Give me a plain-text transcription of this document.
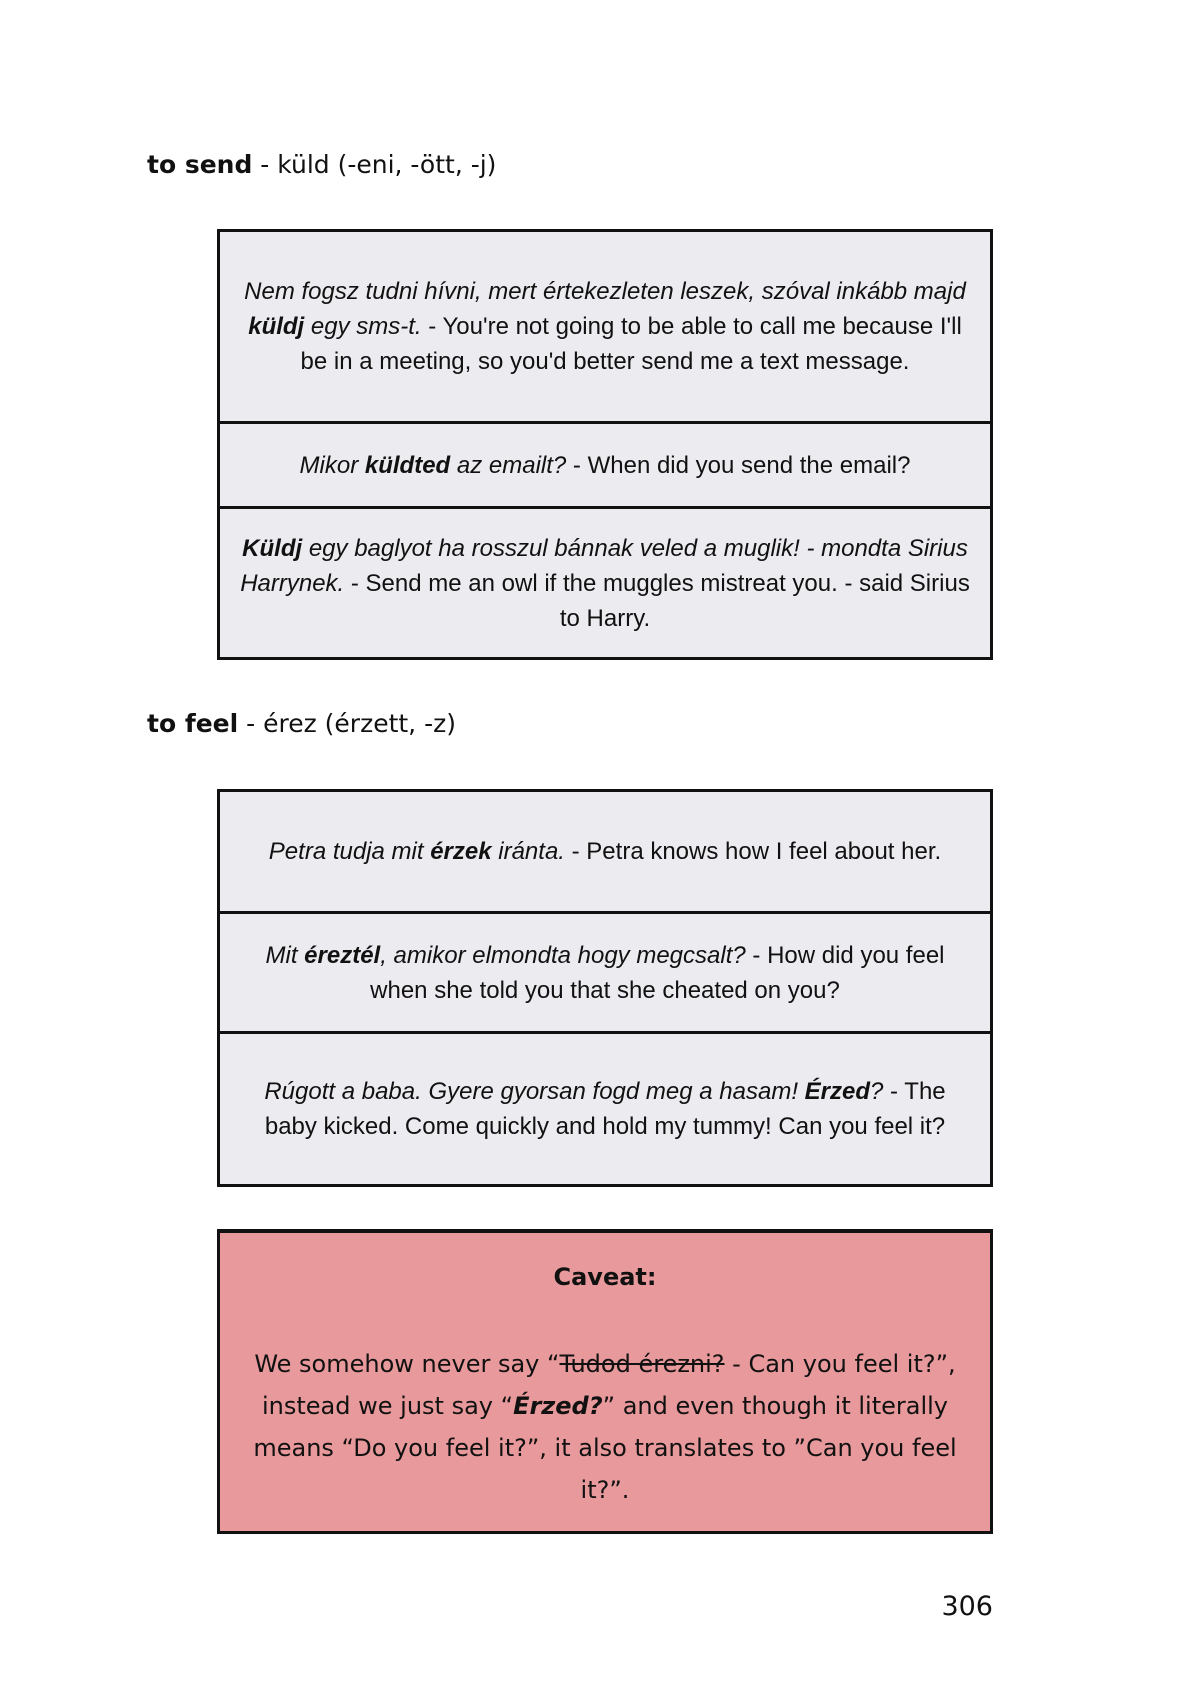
to send - küld (-eni, -ött, -j)
Nem fogsz tudni hívni, mert értekezleten leszek, szóval inkább majd küldj egy sms-t. - You're not going to be able to call me because I'll be in a meeting, so you'd better send me a text message.
Mikor küldted az emailt? - When did you send the email?
Küldj egy baglyot ha rosszul bánnak veled a muglik! - mondta Sirius Harrynek. - Send me an owl if the muggles mistreat you. - said Sirius to Harry.
to feel - érez (érzett, -z)
Petra tudja mit érzek iránta. - Petra knows how I feel about her.
Mit éreztél, amikor elmondta hogy megcsalt? - How did you feel when she told you that she cheated on you?
Rúgott a baba. Gyere gyorsan fogd meg a hasam! Érzed? - The baby kicked. Come quickly and hold my tummy! Can you feel it?
Caveat:
We somehow never say “Tudod érezni? - Can you feel it?”, instead we just say “Érzed?” and even though it literally means “Do you feel it?”, it also translates to ”Can you feel it?”.
306
